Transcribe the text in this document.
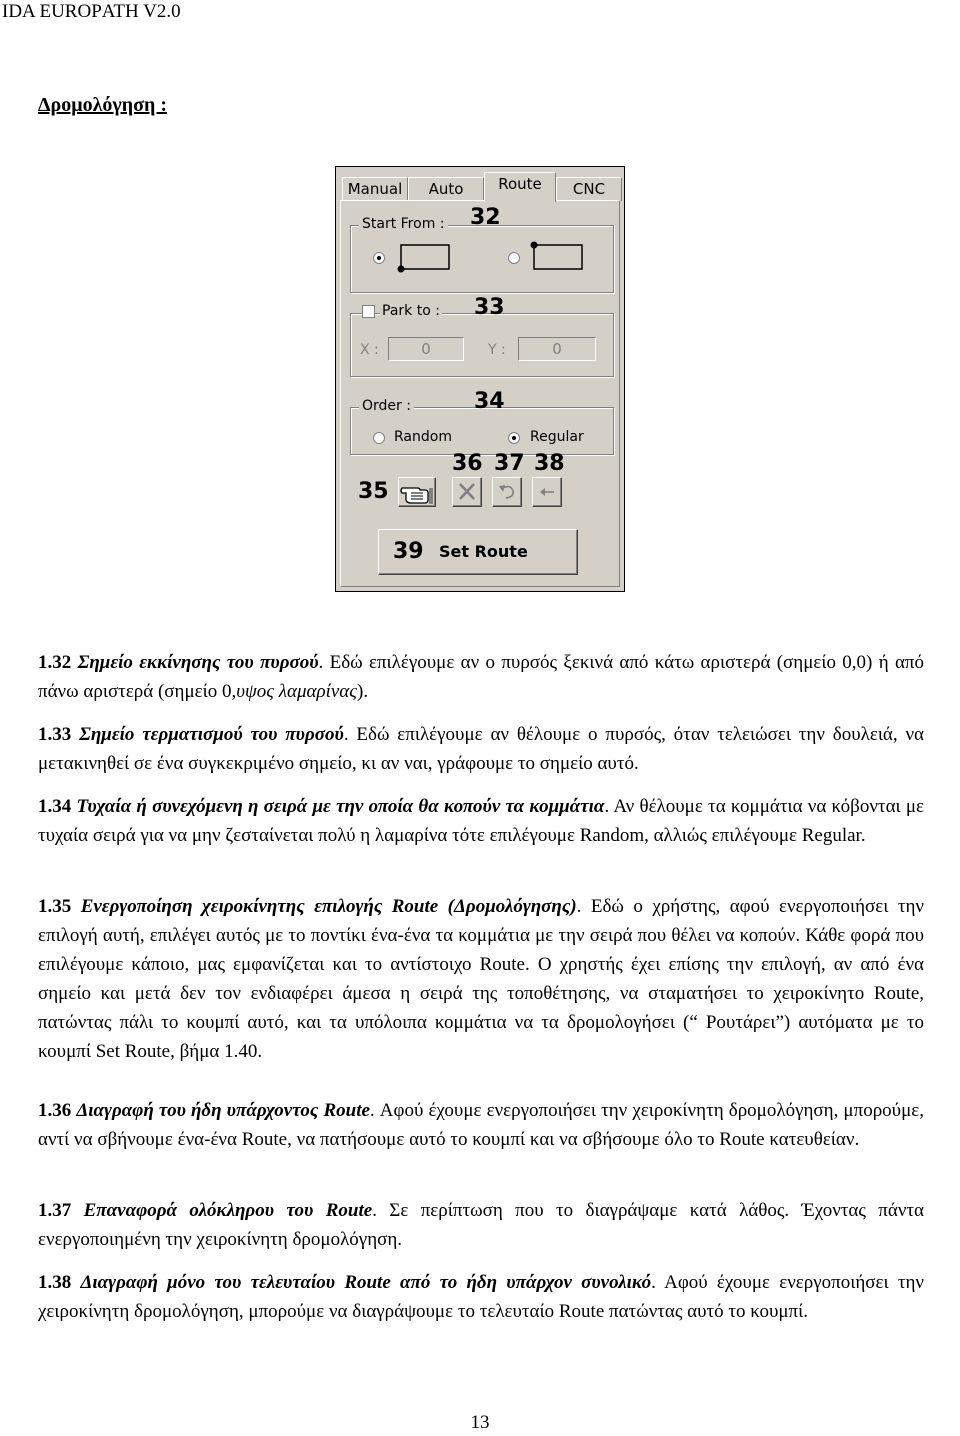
IDA EUROPATH V2.0
Δρομολόγηση :
Manual	Auto	Route	CNC
Start From : 32
Park to : 33
X :	0	Y :	0
Order :	34
Random	Regular
36 37 38
35
39 Set Route
1.32 Σημείο εκκίνησης του πυρσού. Εδώ επιλέγουμε αν ο πυρσός ξεκινά από κάτω αριστερά (σημείο 0,0) ή από πάνω αριστερά (σημείο 0,υψος λαμαρίνας).
1.33 Σημείο τερματισμού του πυρσού. Εδώ επιλέγουμε αν θέλουμε ο πυρσός, όταν τελειώσει την δουλειά, να μετακινηθεί σε ένα συγκεκριμένο σημείο, κι αν ναι, γράφουμε το σημείο αυτό.
1.34 Τυχαία ή συνεχόμενη η σειρά με την οποία θα κοπούν τα κομμάτια. Αν θέλουμε τα κομμάτια να κόβονται με τυχαία σειρά για να μην ζεσταίνεται πολύ η λαμαρίνα τότε επιλέγουμε Random, αλλιώς επιλέγουμε Regular.
1.35 Ενεργοποίηση χειροκίνητης επιλογής Route (Δρομολόγησης). Εδώ ο χρήστης, αφού ενεργοποιήσει την επιλογή αυτή, επιλέγει αυτός με το ποντίκι ένα-ένα τα κομμάτια με την σειρά που θέλει να κοπούν. Κάθε φορά που επιλέγουμε κάποιο, μας εμφανίζεται και το αντίστοιχο Route. Ο χρηστής έχει επίσης την επιλογή, αν από ένα σημείο και μετά δεν τον ενδιαφέρει άμεσα η σειρά της τοποθέτησης, να σταματήσει το χειροκίνητο Route, πατώντας πάλι το κουμπί αυτό, και τα υπόλοιπα κομμάτια να τα δρομολογήσει (“ Ρουτάρει”) αυτόματα με το κουμπί Set Route, βήμα 1.40.
1.36 Διαγραφή του ήδη υπάρχοντος Route. Αφού έχουμε ενεργοποιήσει την χειροκίνητη δρομολόγηση, μπορούμε, αντί να σβήνουμε ένα-ένα Route, να πατήσουμε αυτό το κουμπί και να σβήσουμε όλο το Route κατευθείαν.
1.37 Επαναφορά ολόκληρου του Route. Σε περίπτωση που το διαγράψαμε κατά λάθος. Έχοντας πάντα ενεργοποιημένη την χειροκίνητη δρομολόγηση.
1.38 Διαγραφή μόνο του τελευταίου Route από το ήδη υπάρχον συνολικό. Αφού έχουμε ενεργοποιήσει την χειροκίνητη δρομολόγηση, μπορούμε να διαγράψουμε το τελευταίο Route πατώντας αυτό το κουμπί.
13
